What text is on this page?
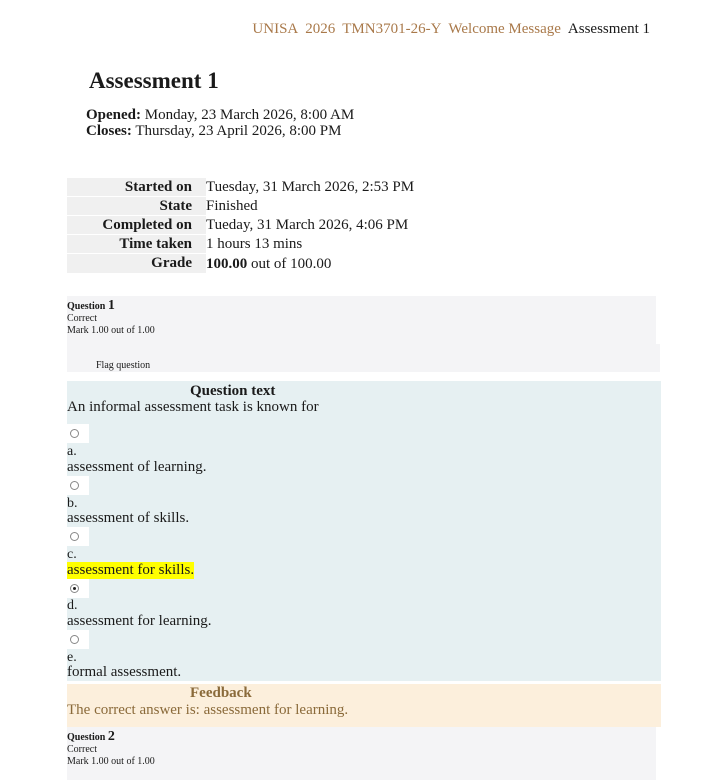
UNISA 2026 TMN3701-26-Y Welcome Message Assessment 1
Assessment 1
Opened: Monday, 23 March 2026, 8:00 AM
Closes: Thursday, 23 April 2026, 8:00 PM
Started on Tuesday, 31 March 2026, 2:53 PM
State Finished
Completed on Tueday, 31 March 2026, 4:06 PM
Time taken 1 hours 13 mins
Grade 100.00 out of 100.00
Question 1
Correct
Mark 1.00 out of 1.00
Flag question
Question text
An informal assessment task is known for
a.
assessment of learning.
b.
assessment of skills.
c.
assessment for skills.
d.
assessment for learning.
e.
formal assessment.
Feedback
The correct answer is: assessment for learning.
Question 2
Correct
Mark 1.00 out of 1.00
